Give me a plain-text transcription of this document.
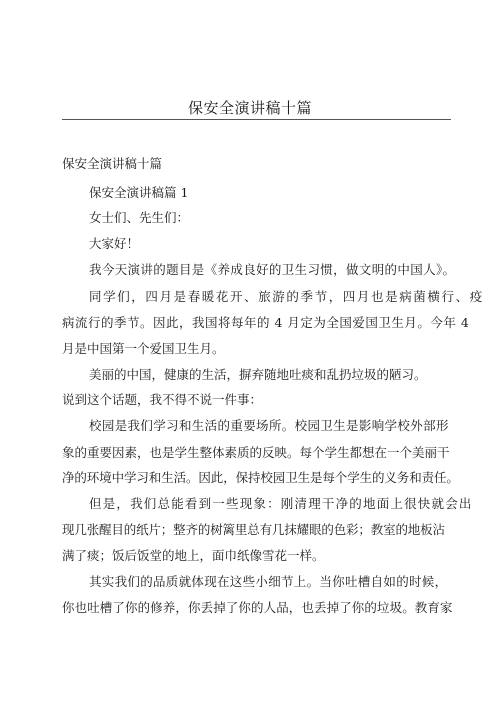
保安全演讲稿十篇
保安全演讲稿十篇
保安全演讲稿篇 1
女士们、先生们：
大家好！
我今天演讲的题目是《养成良好的卫生习惯，做文明的中国人》。
同学们，四月是春暖花开、旅游的季节，四月也是病菌横行、疫
病流行的季节。因此，我国将每年的 4 月定为全国爱国卫生月。今年 4
月是中国第一个爱国卫生月。
美丽的中国，健康的生活，摒弃随地吐痰和乱扔垃圾的陋习。
说到这个话题，我不得不说一件事：
校园是我们学习和生活的重要场所。校园卫生是影响学校外部形
象的重要因素，也是学生整体素质的反映。每个学生都想在一个美丽干
净的环境中学习和生活。因此，保持校园卫生是每个学生的义务和责任。
但是，我们总能看到一些现象：刚清理干净的地面上很快就会出
现几张醒目的纸片；整齐的树篱里总有几抹耀眼的色彩；教室的地板沾
满了痰；饭后饭堂的地上，面巾纸像雪花一样。
其实我们的品质就体现在这些小细节上。当你吐槽自如的时候，
你也吐槽了你的修养，你丢掉了你的人品，也丢掉了你的垃圾。教育家
